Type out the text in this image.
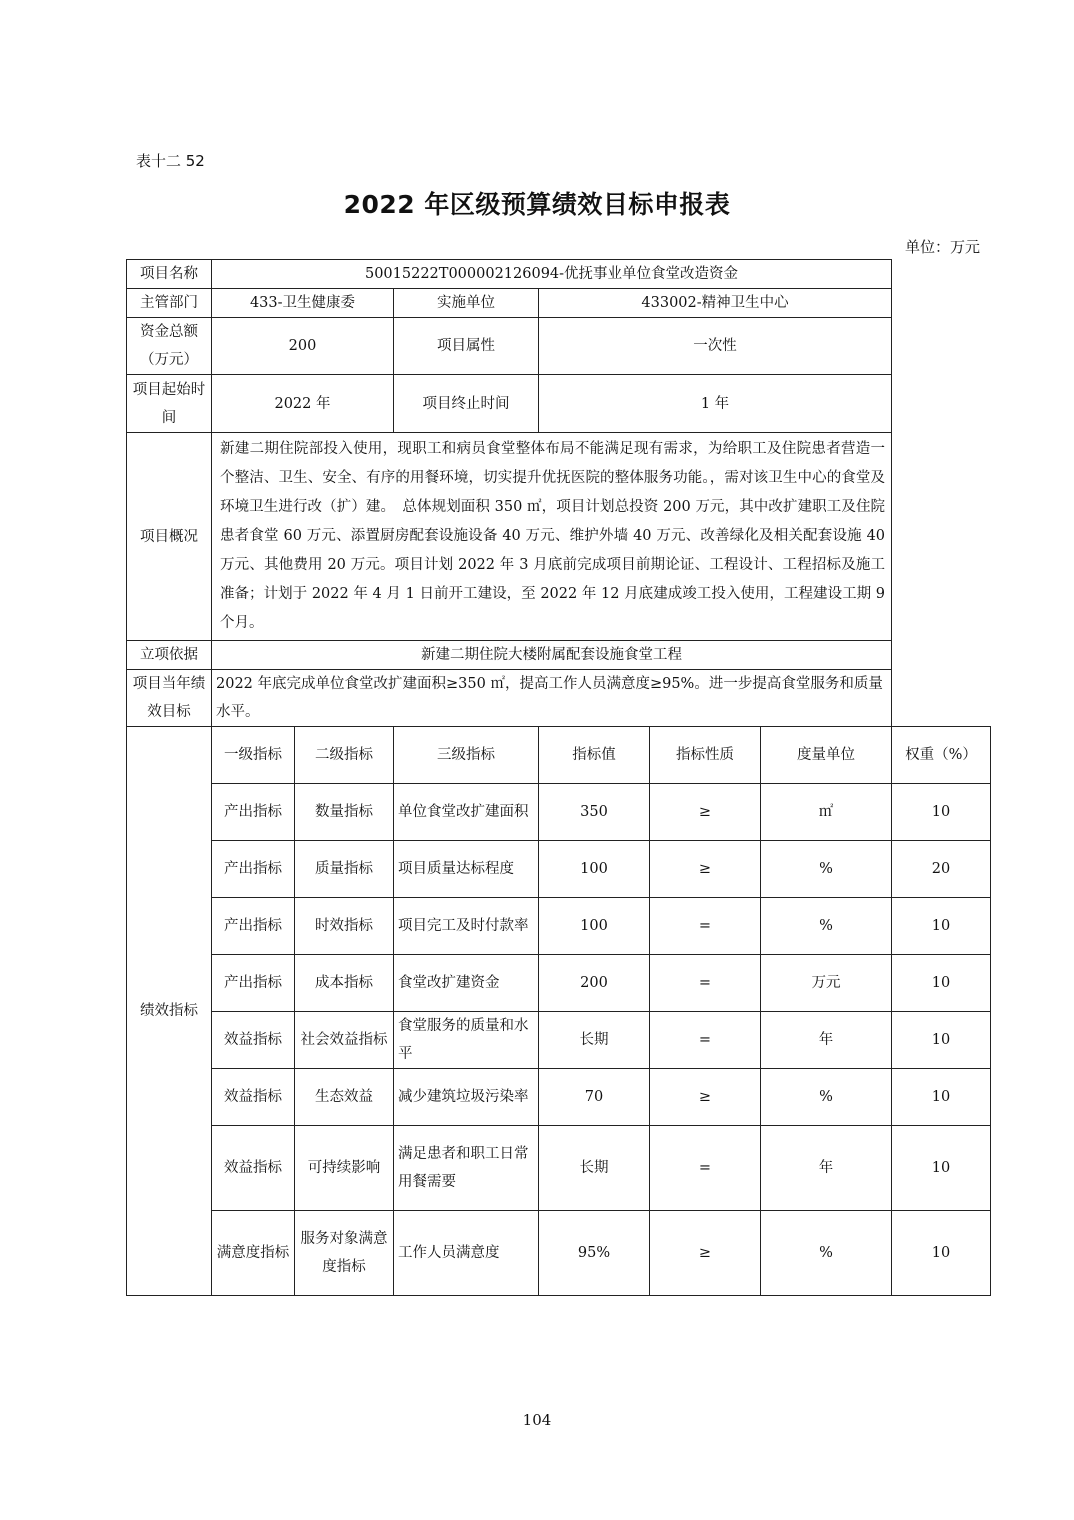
表十二 52
2022 年区级预算绩效目标申报表
单位：万元
项目名称	50015222T000002126094-优抚事业单位食堂改造资金						
主管部门	433-卫生健康委		实施单位	433002-精神卫生中心			
资金总额（万元）	200		项目属性	一次性			
项目起始时间	2022 年		项目终止时间	1 年			
项目概况	新建二期住院部投入使用，现职工和病员食堂整体布局不能满足现有需求，为给职工及住院患者营造一个整洁、卫生、安全、有序的用餐环境，切实提升优抚医院的整体服务功能。，需对该卫生中心的食堂及环境卫生进行改（扩）建。　总体规划面积 350 ㎡，项目计划总投资 200 万元，其中改扩建职工及住院患者食堂 60 万元、添置厨房配套设施设备 40 万元、维护外墙 40 万元、改善绿化及相关配套设施 40 万元、其他费用 20 万元。项目计划 2022 年 3 月底前完成项目前期论证、工程设计、工程招标及施工准备；计划于 2022 年 4 月 1 日前开工建设，至 2022 年 12 月底建成竣工投入使用，工程建设工期 9 个月。						
立项依据	新建二期住院大楼附属配套设施食堂工程						
项目当年绩效目标	2022 年底完成单位食堂改扩建面积≥350 ㎡，提高工作人员满意度≥95%。进一步提高食堂服务和质量水平。						
绩效指标	一级指标	二级指标	三级指标	指标值	指标性质	度量单位	权重（%）
	产出指标	数量指标	单位食堂改扩建面积	350	≥	㎡	10
	产出指标	质量指标	项目质量达标程度	100	≥	%	20
	产出指标	时效指标	项目完工及时付款率	100	=	%	10
	产出指标	成本指标	食堂改扩建资金	200	=	万元	10
	效益指标	社会效益指标	食堂服务的质量和水平	长期	=	年	10
	效益指标	生态效益	减少建筑垃圾污染率	70	≥	%	10
	效益指标	可持续影响	满足患者和职工日常用餐需要	长期	=	年	10
	满意度指标	服务对象满意度指标	工作人员满意度	95%	≥	%	10
104
